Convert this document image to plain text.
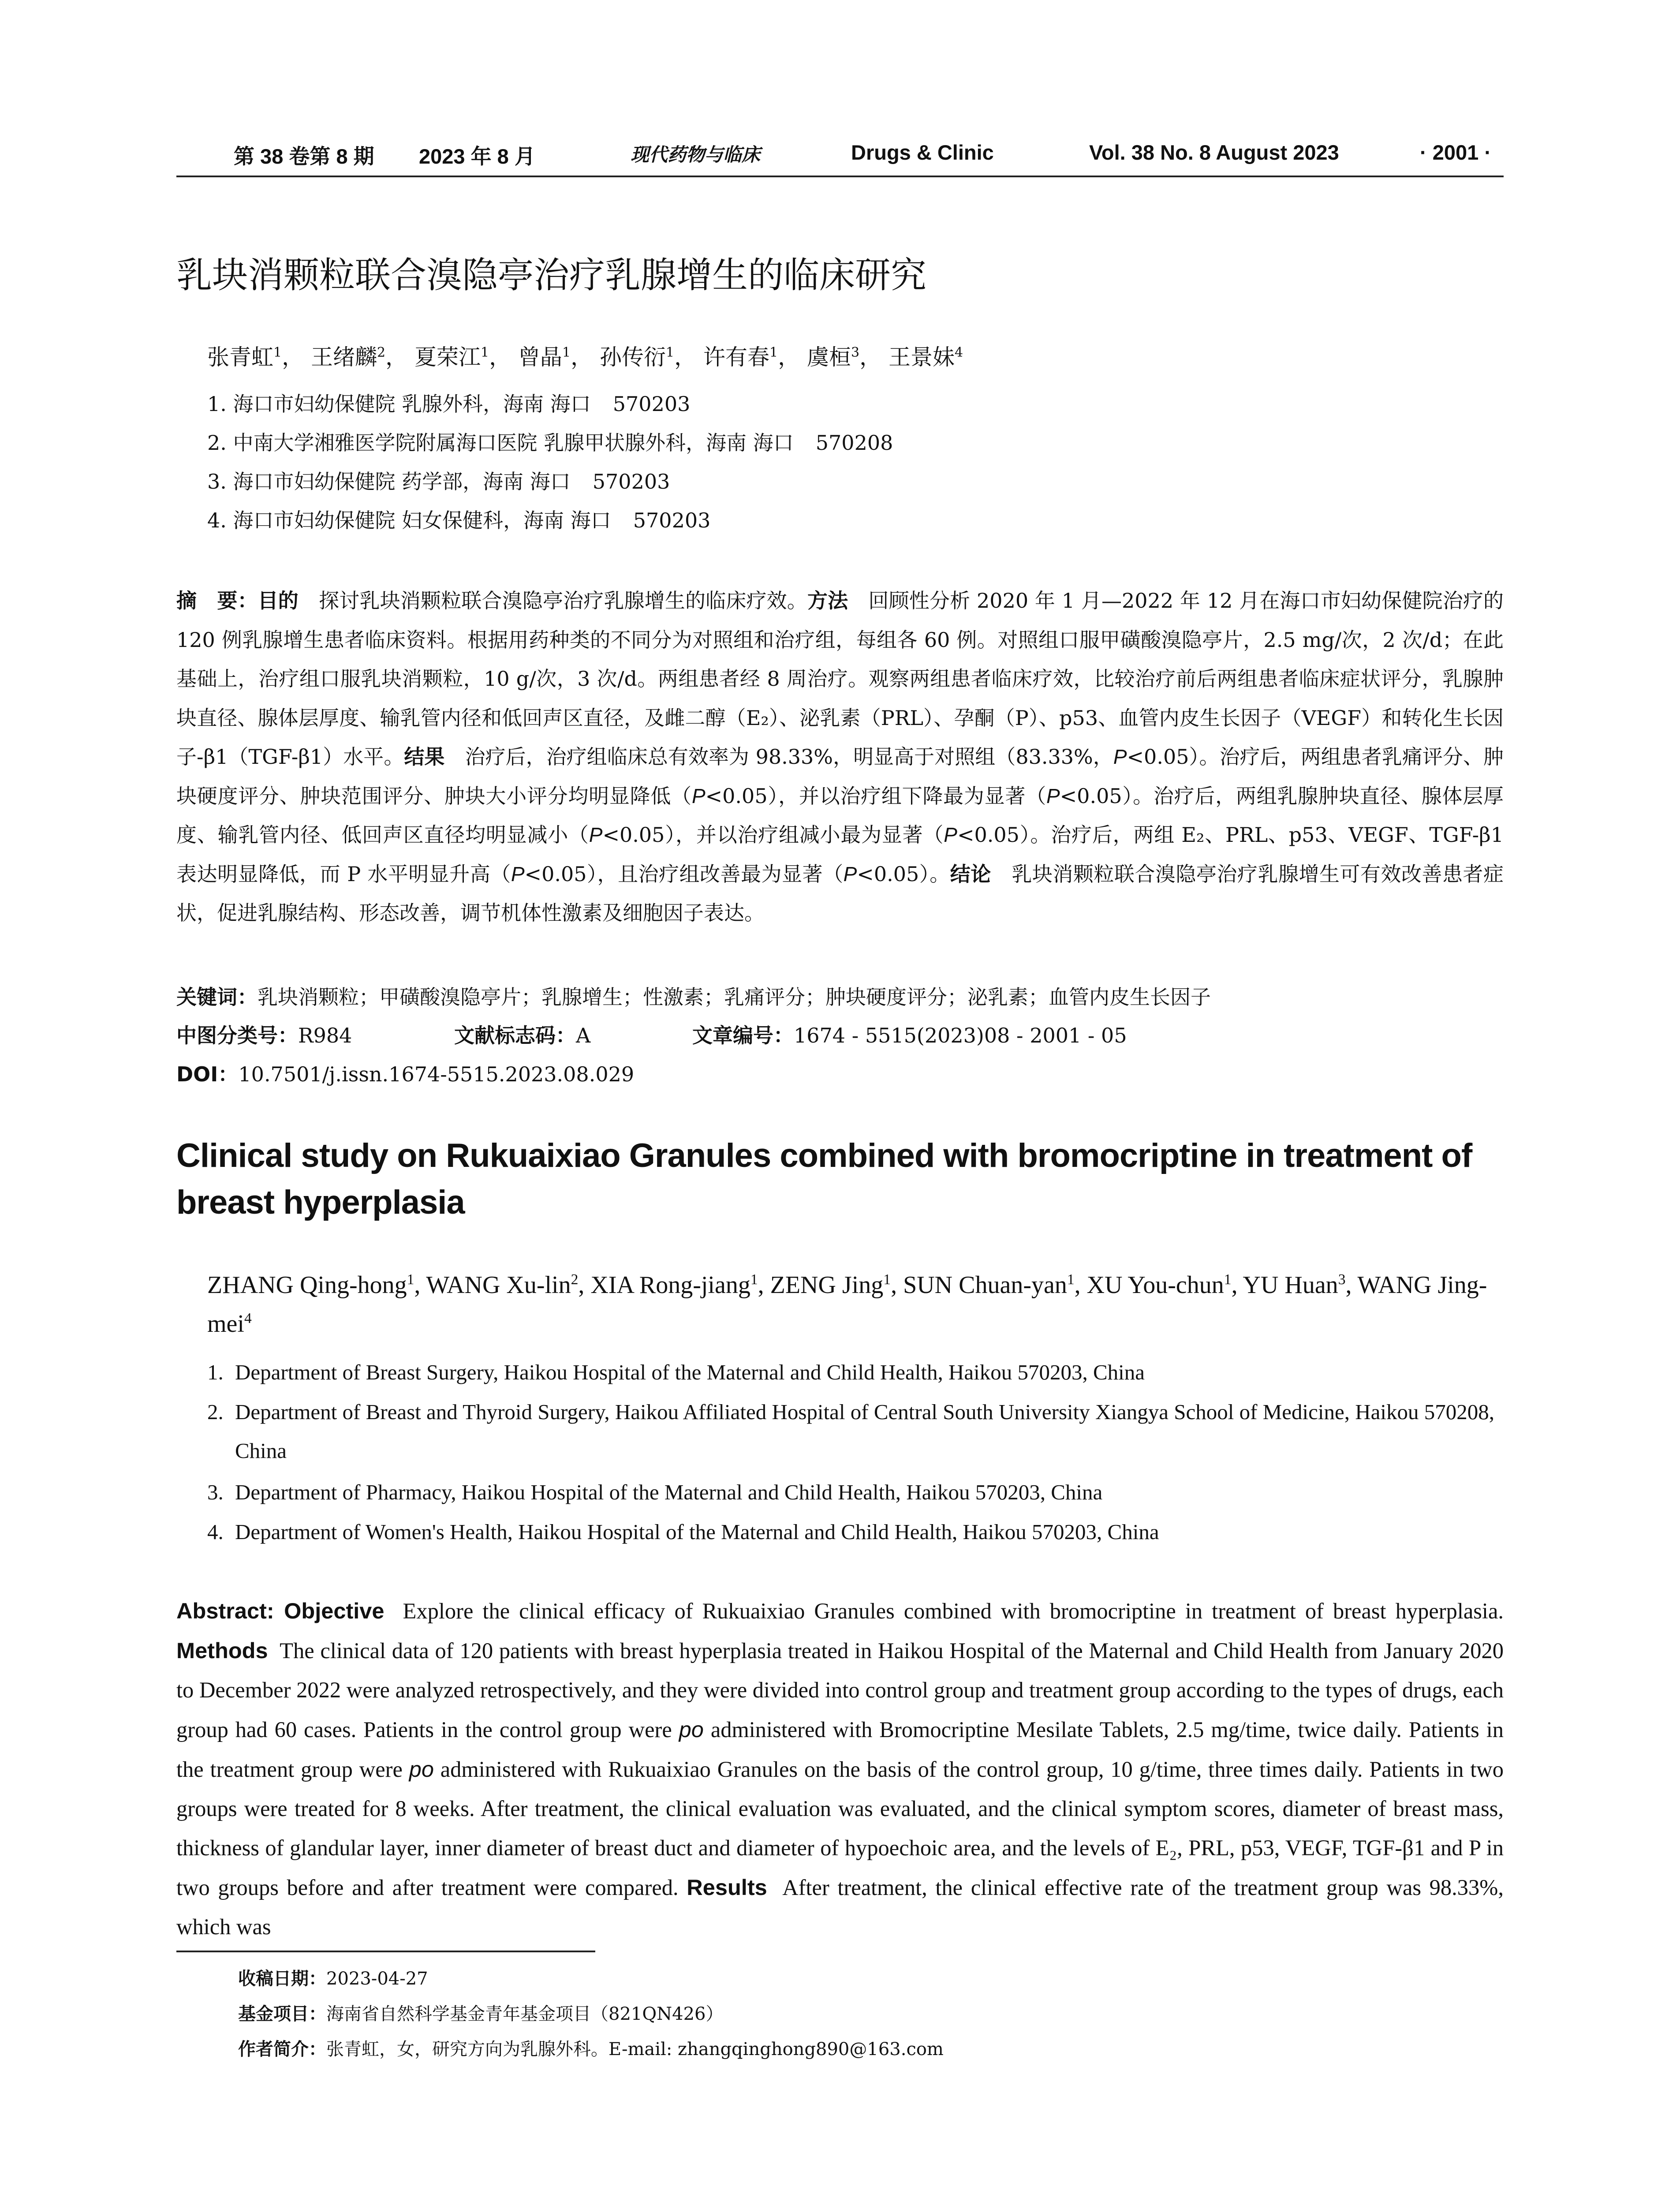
第 38 卷第 8 期 2023 年 8 月	现代药物与临床	Drugs & Clinic	Vol. 38 No. 8 August 2023	· 2001 ·
乳块消颗粒联合溴隐亭治疗乳腺增生的临床研究
张青虹$^1$， 王绪麟$^2$， 夏荣江$^1$， 曾晶$^1$， 孙传衍$^1$， 许有春$^1$， 虞桓$^3$， 王景妹$^4$
1. 海口市妇幼保健院 乳腺外科，海南 海口 570203
2. 中南大学湘雅医学院附属海口医院 乳腺甲状腺外科，海南 海口 570208
3. 海口市妇幼保健院 药学部，海南 海口 570203
4. 海口市妇幼保健院 妇女保健科，海南 海口 570203
摘　要：目的　 探讨乳块消颗粒联合溴隐亭治疗乳腺增生的临床疗效。方法　 回顾性分析 2020 年 1 月—2022 年 12 月在海口市妇幼保健院治疗的 120 例乳腺增生患者临床资料。根据用药种类的不同分为对照组和治疗组，每组各 60 例。对照组口服甲磺酸溴隐亭片，2.5 mg/次，2 次/d；在此基础上，治疗组口服乳块消颗粒，10 g/次，3 次/d。两组患者经 8 周治疗。观察两组患者临床疗效，比较治疗前后两组患者临床症状评分，乳腺肿块直径、腺体层厚度、输乳管内径和低回声区直径，及雌二醇（E₂）、泌乳素（PRL）、孕酮（P）、p53、血管内皮生长因子（VEGF）和转化生长因子-β1（TGF-β1）水平。结果　 治疗后，治疗组临床总有效率为 98.33%，明显高于对照组（83.33%，P<0.05）。治疗后，两组患者乳痛评分、肿块硬度评分、肿块范围评分、肿块大小评分均明显降低（P<0.05），并以治疗组下降最为显著（P<0.05）。治疗后，两组乳腺肿块直径、腺体层厚度、输乳管内径、低回声区直径均明显减小（P<0.05），并以治疗组减小最为显著（P<0.05）。治疗后，两组 E₂、PRL、p53、VEGF、TGF-β1 表达明显降低，而 P 水平明显升高（P<0.05），且治疗组改善最为显著（P<0.05）。结论　 乳块消颗粒联合溴隐亭治疗乳腺增生可有效改善患者症状，促进乳腺结构、形态改善，调节机体性激素及细胞因子表达。
关键词：乳块消颗粒；甲磺酸溴隐亭片；乳腺增生；性激素；乳痛评分；肿块硬度评分；泌乳素；血管内皮生长因子
中图分类号：R984	文献标志码：A	文章编号：1674 - 5515(2023)08 - 2001 - 05
DOI：10.7501/j.issn.1674-5515.2023.08.029
Clinical study on Rukuaixiao Granules combined with bromocriptine in treatment of breast hyperplasia
ZHANG Qing-hong$^1$, WANG Xu-lin$^2$, XIA Rong-jiang$^1$, ZENG Jing$^1$, SUN Chuan-yan$^1$, XU You-chun$^1$, YU Huan$^3$, WANG Jing-mei$^4$
1. Department of Breast Surgery, Haikou Hospital of the Maternal and Child Health, Haikou 570203, China
2. Department of Breast and Thyroid Surgery, Haikou Affiliated Hospital of Central South University Xiangya School of Medicine, Haikou 570208, China
3. Department of Pharmacy, Haikou Hospital of the Maternal and Child Health, Haikou 570203, China
4. Department of Women's Health, Haikou Hospital of the Maternal and Child Health, Haikou 570203, China
Abstract: Objective Explore the clinical efficacy of Rukuaixiao Granules combined with bromocriptine in treatment of breast hyperplasia. Methods The clinical data of 120 patients with breast hyperplasia treated in Haikou Hospital of the Maternal and Child Health from January 2020 to December 2022 were analyzed retrospectively, and they were divided into control group and treatment group according to the types of drugs, each group had 60 cases. Patients in the control group were po administered with Bromocriptine Mesilate Tablets, 2.5 mg/time, twice daily. Patients in the treatment group were po administered with Rukuaixiao Granules on the basis of the control group, 10 g/time, three times daily. Patients in two groups were treated for 8 weeks. After treatment, the clinical evaluation was evaluated, and the clinical symptom scores, diameter of breast mass, thickness of glandular layer, inner diameter of breast duct and diameter of hypoechoic area, and the levels of E₂, PRL, p53, VEGF, TGF-β1 and P in two groups before and after treatment were compared. Results After treatment, the clinical effective rate of the treatment group was 98.33%, which was
收稿日期：2023-04-27
基金项目：海南省自然科学基金青年基金项目（821QN426）
作者简介：张青虹，女，研究方向为乳腺外科。E-mail: zhangqinghong890@163.com
